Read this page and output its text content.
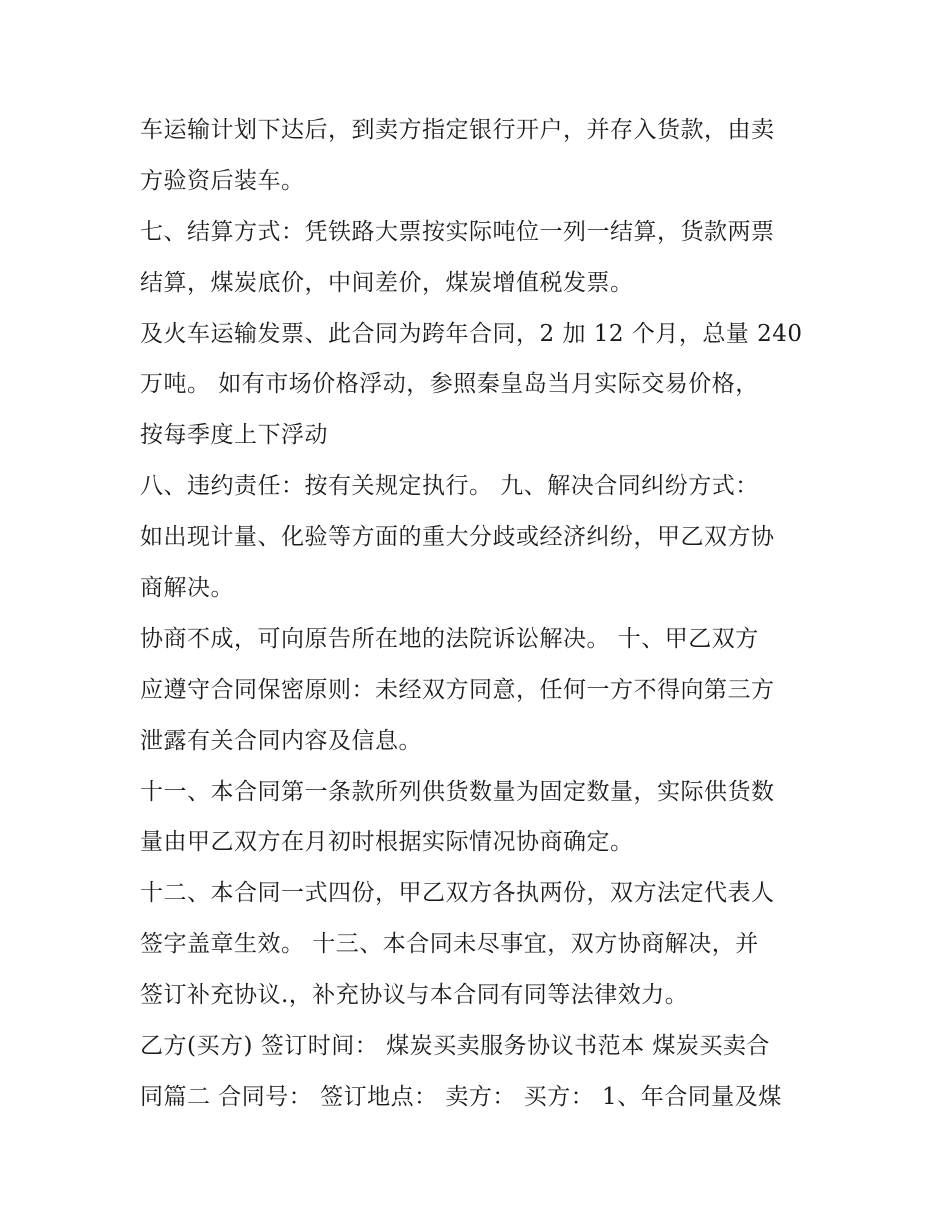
车运输计划下达后，到卖方指定银行开户，并存入货款，由卖
方验资后装车。
七、结算方式：凭铁路大票按实际吨位一列一结算，货款两票
结算，煤炭底价，中间差价，煤炭增值税发票。
及火车运输发票、此合同为跨年合同，2 加 12 个月，总量 240
万吨。 如有市场价格浮动，参照秦皇岛当月实际交易价格，
按每季度上下浮动
八、违约责任：按有关规定执行。 九、解决合同纠纷方式：
如出现计量、化验等方面的重大分歧或经济纠纷，甲乙双方协
商解决。
协商不成，可向原告所在地的法院诉讼解决。 十、甲乙双方
应遵守合同保密原则：未经双方同意，任何一方不得向第三方
泄露有关合同内容及信息。
十一、本合同第一条款所列供货数量为固定数量，实际供货数
量由甲乙双方在月初时根据实际情况协商确定。
十二、本合同一式四份，甲乙双方各执两份，双方法定代表人
签字盖章生效。 十三、本合同未尽事宜，双方协商解决，并
签订补充协议.，补充协议与本合同有同等法律效力。
乙方(买方) 签订时间： 煤炭买卖服务协议书范本 煤炭买卖合
同篇二 合同号： 签订地点： 卖方： 买方： 1、年合同量及煤
